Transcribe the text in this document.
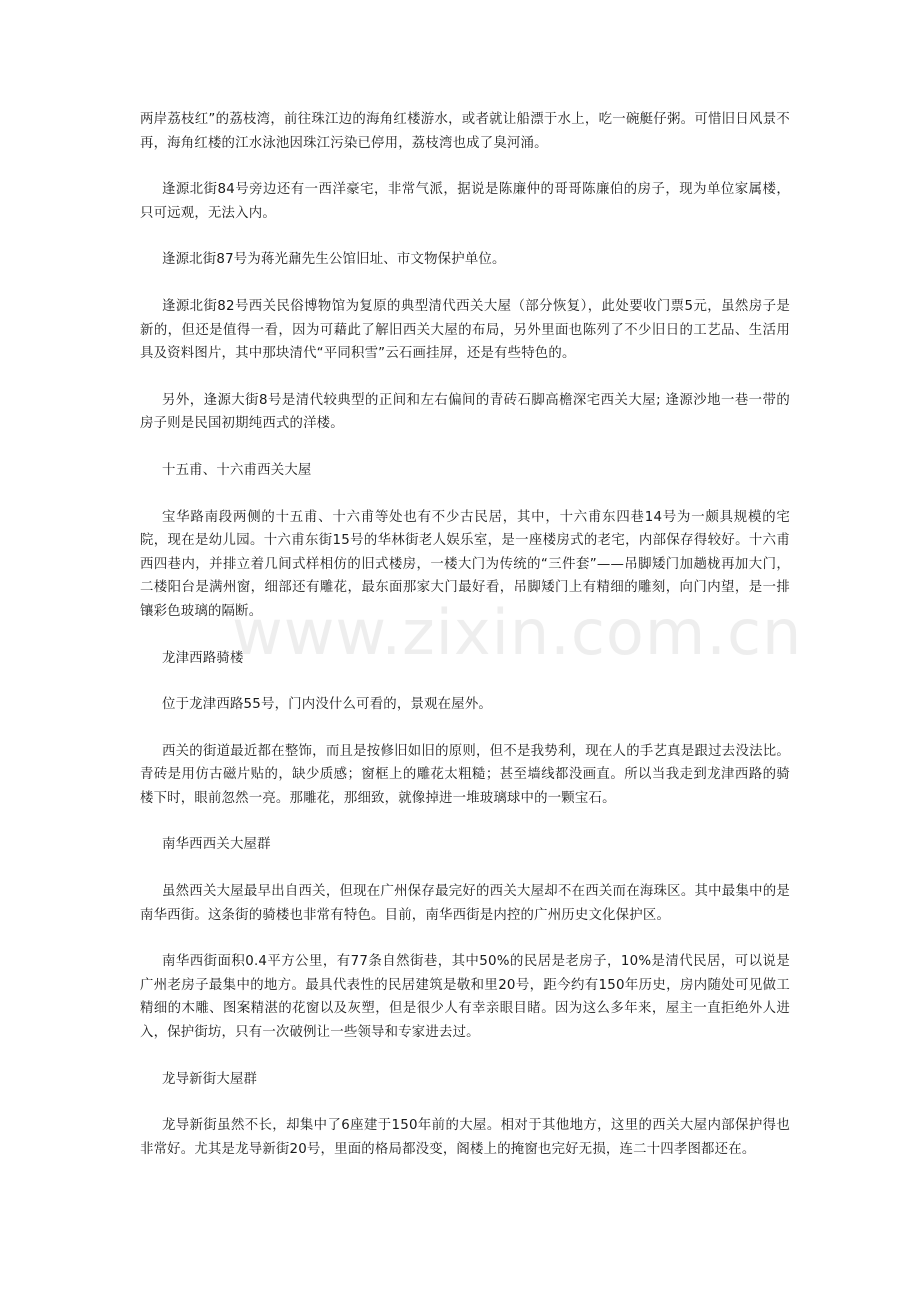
两岸荔枝红”的荔枝湾，前往珠江边的海角红楼游水，或者就让船漂于水上，吃一碗艇仔粥。可惜旧日风景不再，海角红楼的江水泳池因珠江污染已停用，荔枝湾也成了臭河涌。

逢源北街84号旁边还有一西洋豪宅，非常气派，据说是陈廉仲的哥哥陈廉伯的房子，现为单位家属楼，只可远观，无法入内。

逢源北街87号为蒋光鼐先生公馆旧址、市文物保护单位。

逢源北街82号西关民俗博物馆为复原的典型清代西关大屋（部分恢复），此处要收门票5元，虽然房子是新的，但还是值得一看，因为可藉此了解旧西关大屋的布局，另外里面也陈列了不少旧日的工艺品、生活用具及资料图片，其中那块清代“平同积雪”云石画挂屏，还是有些特色的。

另外，逢源大街8号是清代较典型的正间和左右偏间的青砖石脚高檐深宅西关大屋; 逢源沙地一巷一带的房子则是民国初期纯西式的洋楼。

十五甫、十六甫西关大屋

宝华路南段两侧的十五甫、十六甫等处也有不少古民居，其中，十六甫东四巷14号为一颇具规模的宅院，现在是幼儿园。十六甫东街15号的华林街老人娱乐室，是一座楼房式的老宅，内部保存得较好。十六甫西四巷内，并排立着几间式样相仿的旧式楼房，一楼大门为传统的“三件套”——吊脚矮门加趟栊再加大门，二楼阳台是满州窗，细部还有雕花，最东面那家大门最好看，吊脚矮门上有精细的雕刻，向门内望，是一排镶彩色玻璃的隔断。

龙津西路骑楼

位于龙津西路55号，门内没什么可看的，景观在屋外。

西关的街道最近都在整饰，而且是按修旧如旧的原则，但不是我势利，现在人的手艺真是跟过去没法比。青砖是用仿古磁片贴的，缺少质感；窗框上的雕花太粗糙；甚至墙线都没画直。所以当我走到龙津西路的骑楼下时，眼前忽然一亮。那雕花，那细致，就像掉进一堆玻璃球中的一颗宝石。

南华西西关大屋群

虽然西关大屋最早出自西关，但现在广州保存最完好的西关大屋却不在西关而在海珠区。其中最集中的是南华西街。这条街的骑楼也非常有特色。目前，南华西街是内控的广州历史文化保护区。

南华西街面积0.4平方公里，有77条自然街巷，其中50%的民居是老房子，10%是清代民居，可以说是广州老房子最集中的地方。最具代表性的民居建筑是敬和里20号，距今约有150年历史，房内随处可见做工精细的木雕、图案精湛的花窗以及灰塑，但是很少人有幸亲眼目睹。因为这么多年来，屋主一直拒绝外人进入，保护街坊，只有一次破例让一些领导和专家进去过。

龙导新街大屋群

龙导新街虽然不长，却集中了6座建于150年前的大屋。相对于其他地方，这里的西关大屋内部保护得也非常好。尤其是龙导新街20号，里面的格局都没变，阁楼上的掩窗也完好无损，连二十四孝图都还在。

www.zixin.com.cn
